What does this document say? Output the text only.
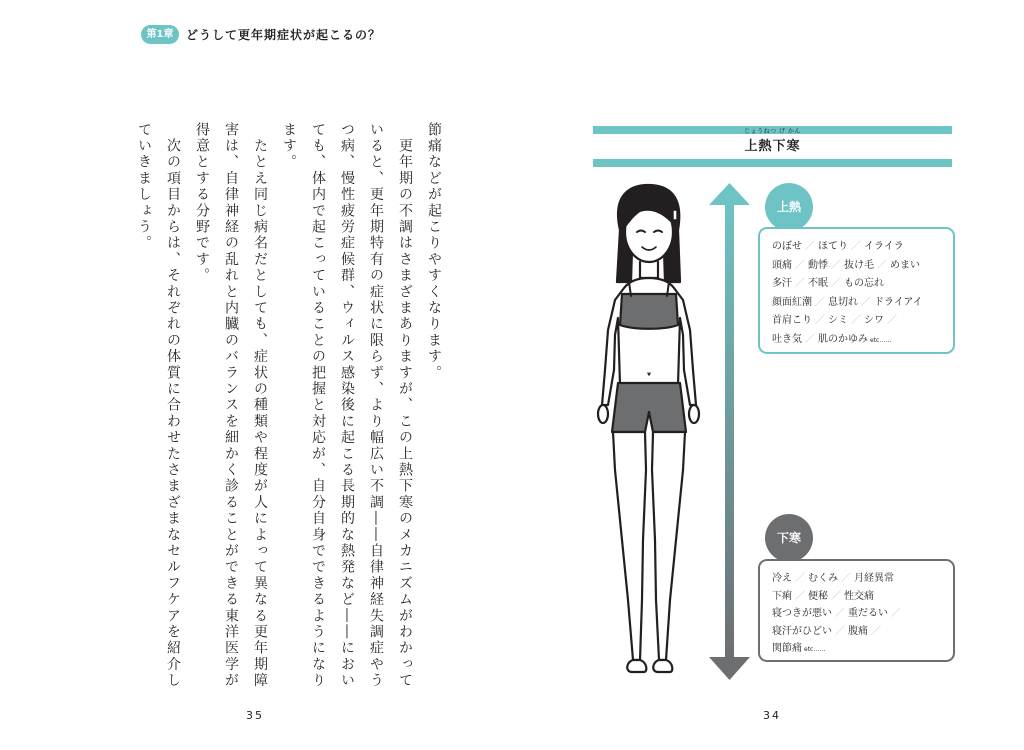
第1章	どうして更年期症状が起こるの？

節痛などが起こりやすくなります。

　更年期の不調はさまざまありますが、この上熱下寒のメカニズムがわかっていると、更年期特有の症状に限らず、より幅広い不調――自律神経失調症やうつ病、慢性疲労症候群、ウィルス感染後に起こる長期的な熱発など――においても、体内で起こっていることの把握と対応が、自分自身でできるようになります。

　たとえ同じ病名だとしても、症状の種類や程度が人によって異なる更年期障害は、自律神経の乱れと内臓のバランスを細かく診ることができる東洋医学が得意とする分野です。

　次の項目からは、それぞれの体質に合わせたさまざまなセルフケアを紹介していきましょう。

35	34
じょうねつ げ かん
上熱下寒
上熱
のぼせ ／ ほてり ／ イライラ
頭痛 ／ 動悸 ／ 抜け毛 ／ めまい
多汗 ／ 不眠 ／ もの忘れ
顔面紅潮 ／ 息切れ ／ ドライアイ
首肩こり ／ シミ ／ シワ ／
吐き気 ／ 肌のかゆみ etc……
下寒
冷え ／ むくみ ／ 月経異常
下痢 ／ 便秘 ／ 性交痛
寝つきが悪い ／ 重だるい ／
寝汗がひどい ／ 腹痛 ／
関節痛 etc……
